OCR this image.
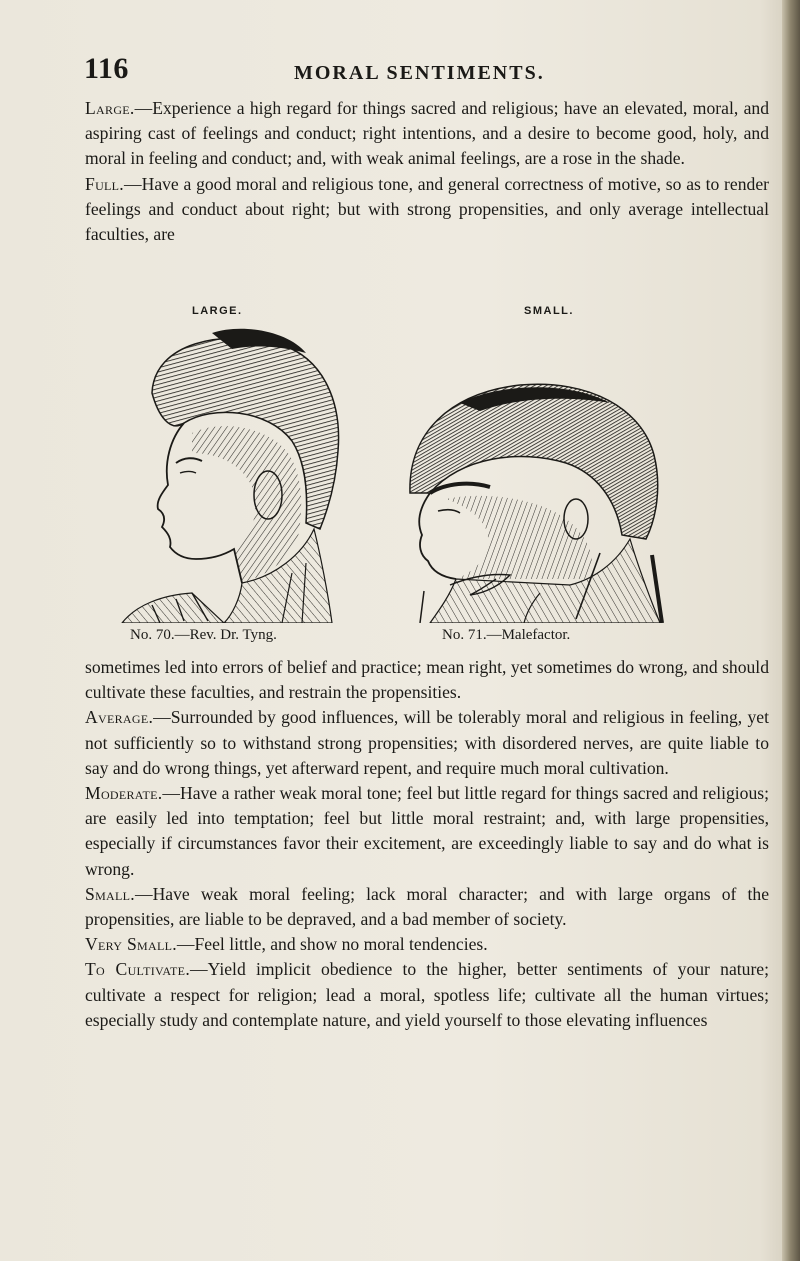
116	MORAL SENTIMENTS.

Large.—Experience a high regard for things sacred and religious; have an elevated, moral, and aspiring cast of feelings and conduct; right intentions, and a desire to become good, holy, and moral in feeling and conduct; and, with weak animal feelings, are a rose in the shade.

Full.—Have a good moral and religious tone, and general correctness of motive, so as to render feelings and conduct about right; but with strong propensities, and only average intellectual faculties, are

LARGE.
No. 70.—Rev. Dr. Tyng.
SMALL.
No. 71.—Malefactor.

sometimes led into errors of belief and practice; mean right, yet sometimes do wrong, and should cultivate these faculties, and restrain the propensities.

Average.—Surrounded by good influences, will be tolerably moral and religious in feeling, yet not sufficiently so to withstand strong propensities; with disordered nerves, are quite liable to say and do wrong things, yet afterward repent, and require much moral cultivation.

Moderate.—Have a rather weak moral tone; feel but little regard for things sacred and religious; are easily led into temptation; feel but little moral restraint; and, with large propensities, especially if circumstances favor their excitement, are exceedingly liable to say and do what is wrong.

Small.—Have weak moral feeling; lack moral character; and with large organs of the propensities, are liable to be depraved, and a bad member of society.

Very Small.—Feel little, and show no moral tendencies.

To Cultivate.—Yield implicit obedience to the higher, better sentiments of your nature; cultivate a respect for religion; lead a moral, spotless life; cultivate all the human virtues; especially study and contemplate nature, and yield yourself to those elevating influences
